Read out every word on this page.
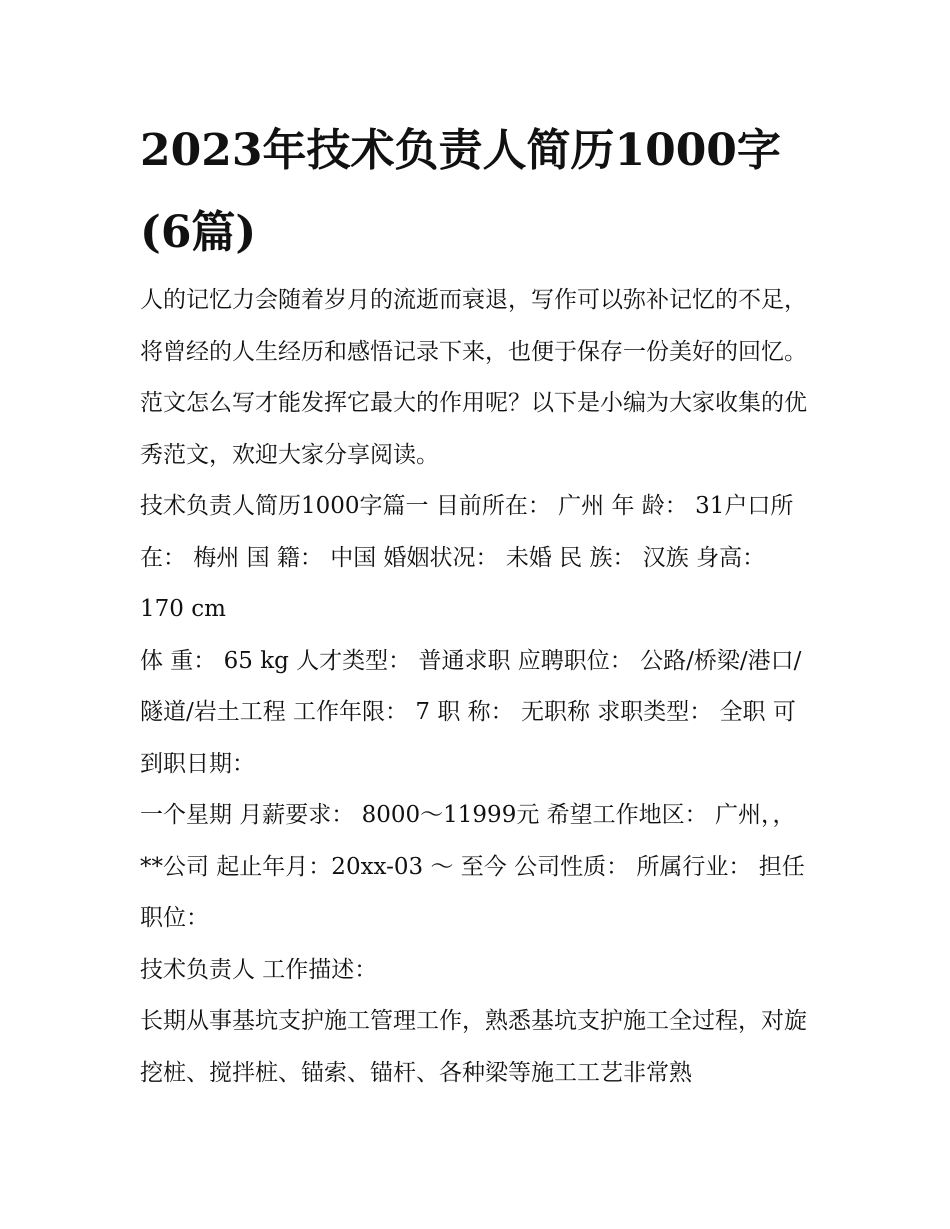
2023年技术负责人简历1000字(6篇)

人的记忆力会随着岁月的流逝而衰退，写作可以弥补记忆的不足，将曾经的人生经历和感悟记录下来，也便于保存一份美好的回忆。范文怎么写才能发挥它最大的作用呢？以下是小编为大家收集的优秀范文，欢迎大家分享阅读。

技术负责人简历1000字篇一 目前所在： 广州 年 龄： 31户口所在： 梅州 国 籍： 中国 婚姻状况： 未婚 民 族： 汉族 身高： 170 cm

体 重： 65 kg 人才类型： 普通求职 应聘职位： 公路/桥梁/港口/隧道/岩土工程 工作年限： 7 职 称： 无职称 求职类型： 全职 可到职日期：

一个星期 月薪要求： 8000～11999元 希望工作地区： 广州，， **公司 起止年月：20xx-03 ～ 至今 公司性质： 所属行业： 担任职位：

技术负责人 工作描述：

长期从事基坑支护施工管理工作，熟悉基坑支护施工全过程，对旋挖桩、搅拌桩、锚索、锚杆、各种梁等施工工艺非常熟
